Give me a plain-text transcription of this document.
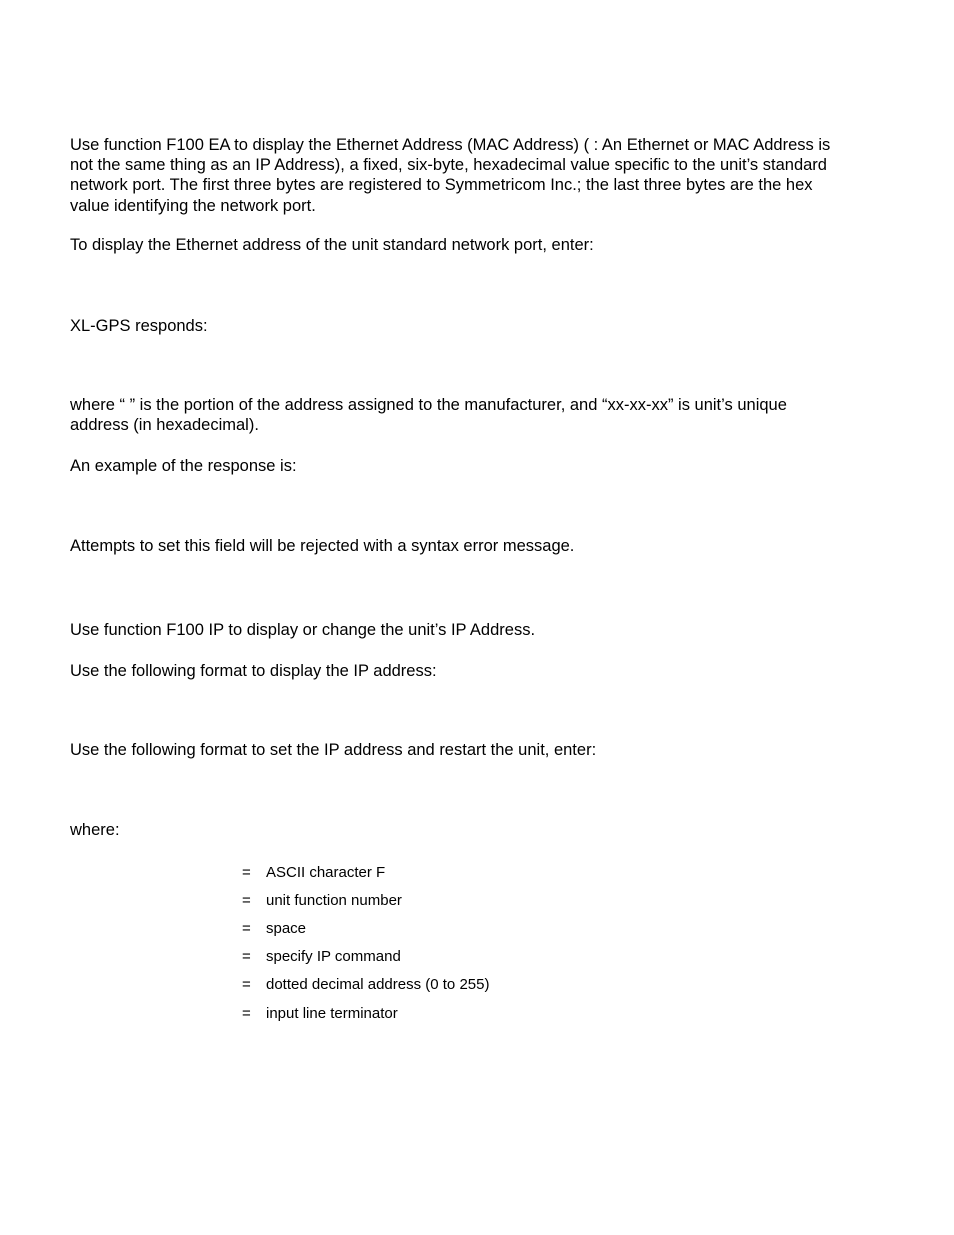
Use function F100 EA to display the Ethernet Address (MAC Address) ( : An Ethernet or MAC Address is not the same thing as an IP Address), a fixed, six-byte, hexadecimal value specific to the unit’s standard network port. The first three bytes are registered to Symmetricom Inc.; the last three bytes are the hex value identifying the network port.

To display the Ethernet address of the unit standard network port, enter:

XL-GPS responds:

where “ ” is the portion of the address assigned to the manufacturer, and “xx-xx-xx” is unit’s unique address (in hexadecimal).

An example of the response is:

Attempts to set this field will be rejected with a syntax error message.

Use function F100 IP to display or change the unit’s IP Address.

Use the following format to display the IP address:

Use the following format to set the IP address and restart the unit, enter:

where:

= ASCII character F
= unit function number
= space
= specify IP command
= dotted decimal address (0 to 255)
= input line terminator
